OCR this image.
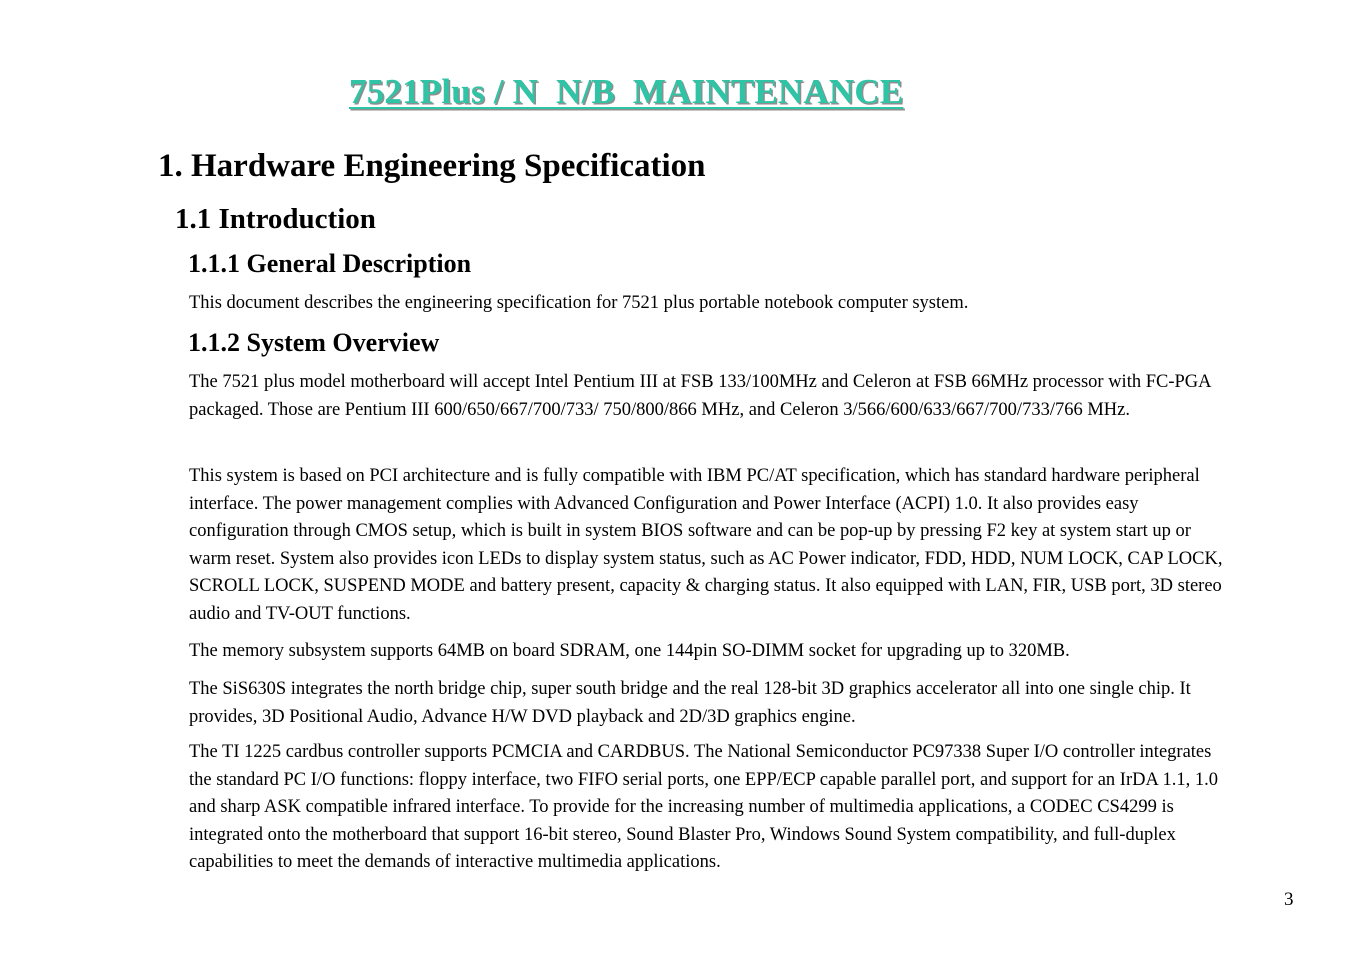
7521Plus / N  N/B  MAINTENANCE
1. Hardware Engineering Specification
1.1 Introduction
1.1.1 General Description

This document describes the engineering specification for 7521 plus portable notebook computer system.

1.1.2 System Overview

The 7521 plus model motherboard will accept Intel Pentium III at FSB 133/100MHz and Celeron at FSB 66MHz processor with FC-PGA packaged. Those are Pentium III 600/650/667/700/733/ 750/800/866 MHz, and Celeron 3/566/600/633/667/700/733/766 MHz.

This system is based on PCI architecture and is fully compatible with IBM PC/AT specification, which has standard hardware peripheral interface. The power management complies with Advanced Configuration and Power Interface (ACPI) 1.0. It also provides easy configuration through CMOS setup, which is built in system BIOS software and can be pop-up by pressing F2 key at system start up or warm reset. System also provides icon LEDs to display system status, such as AC Power indicator, FDD, HDD, NUM LOCK, CAP LOCK, SCROLL LOCK, SUSPEND MODE and battery present, capacity & charging status. It also equipped with LAN, FIR, USB port, 3D stereo audio and TV-OUT functions.

The memory subsystem supports 64MB on board SDRAM, one 144pin SO-DIMM socket for upgrading up to 320MB.

The SiS630S integrates the north bridge chip, super south bridge and the real 128-bit 3D graphics accelerator all into one single chip. It provides, 3D Positional Audio, Advance H/W DVD playback and 2D/3D graphics engine.

The TI 1225 cardbus controller supports PCMCIA and CARDBUS. The National Semiconductor PC97338 Super I/O controller integrates the standard PC I/O functions: floppy interface, two FIFO serial ports, one EPP/ECP capable parallel port, and support for an IrDA 1.1, 1.0 and sharp ASK compatible infrared interface. To provide for the increasing number of multimedia applications, a CODEC CS4299 is integrated onto the motherboard that support 16-bit stereo, Sound Blaster Pro, Windows Sound System compatibility, and full-duplex capabilities to meet the demands of interactive multimedia applications.

3
